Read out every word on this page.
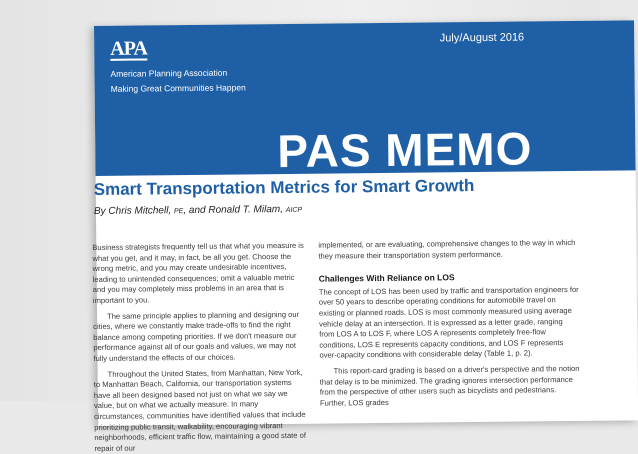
APA
American Planning Association
Making Great Communities Happen
July/August 2016
PAS MEMO
Smart Transportation Metrics for Smart Growth
By Chris Mitchell, PE, and Ronald T. Milam, AICP

Business strategists frequently tell us that what you measure is what you get, and it may, in fact, be all you get. Choose the wrong metric, and you may create undesirable incentives, leading to unintended consequences; omit a valuable metric and you may completely miss problems in an area that is important to you.

The same principle applies to planning and designing our cities, where we constantly make trade-offs to find the right balance among competing priorities. If we don't measure our performance against all of our goals and values, we may not fully understand the effects of our choices.

Throughout the United States, from Manhattan, New York, to Manhattan Beach, California, our transportation systems have all been designed based not just on what we say we value, but on what we actually measure. In many circumstances, communities have identified values that include prioritizing public transit, walkability, encouraging vibrant neighborhoods, efficient traffic flow, maintaining a good state of repair of our

implemented, or are evaluating, comprehensive changes to the way in which they measure their transportation system performance.

Challenges With Reliance on LOS

The concept of LOS has been used by traffic and transportation engineers for over 50 years to describe operating conditions for automobile travel on existing or planned roads. LOS is most commonly measured using average vehicle delay at an intersection. It is expressed as a letter grade, ranging from LOS A to LOS F, where LOS A represents completely free-flow conditions, LOS E represents capacity conditions, and LOS F represents over-capacity conditions with considerable delay (Table 1, p. 2).

This report-card grading is based on a driver's perspective and the notion that delay is to be minimized. The grading ignores intersection performance from the perspective of other users such as bicyclists and pedestrians. Further, LOS grades
